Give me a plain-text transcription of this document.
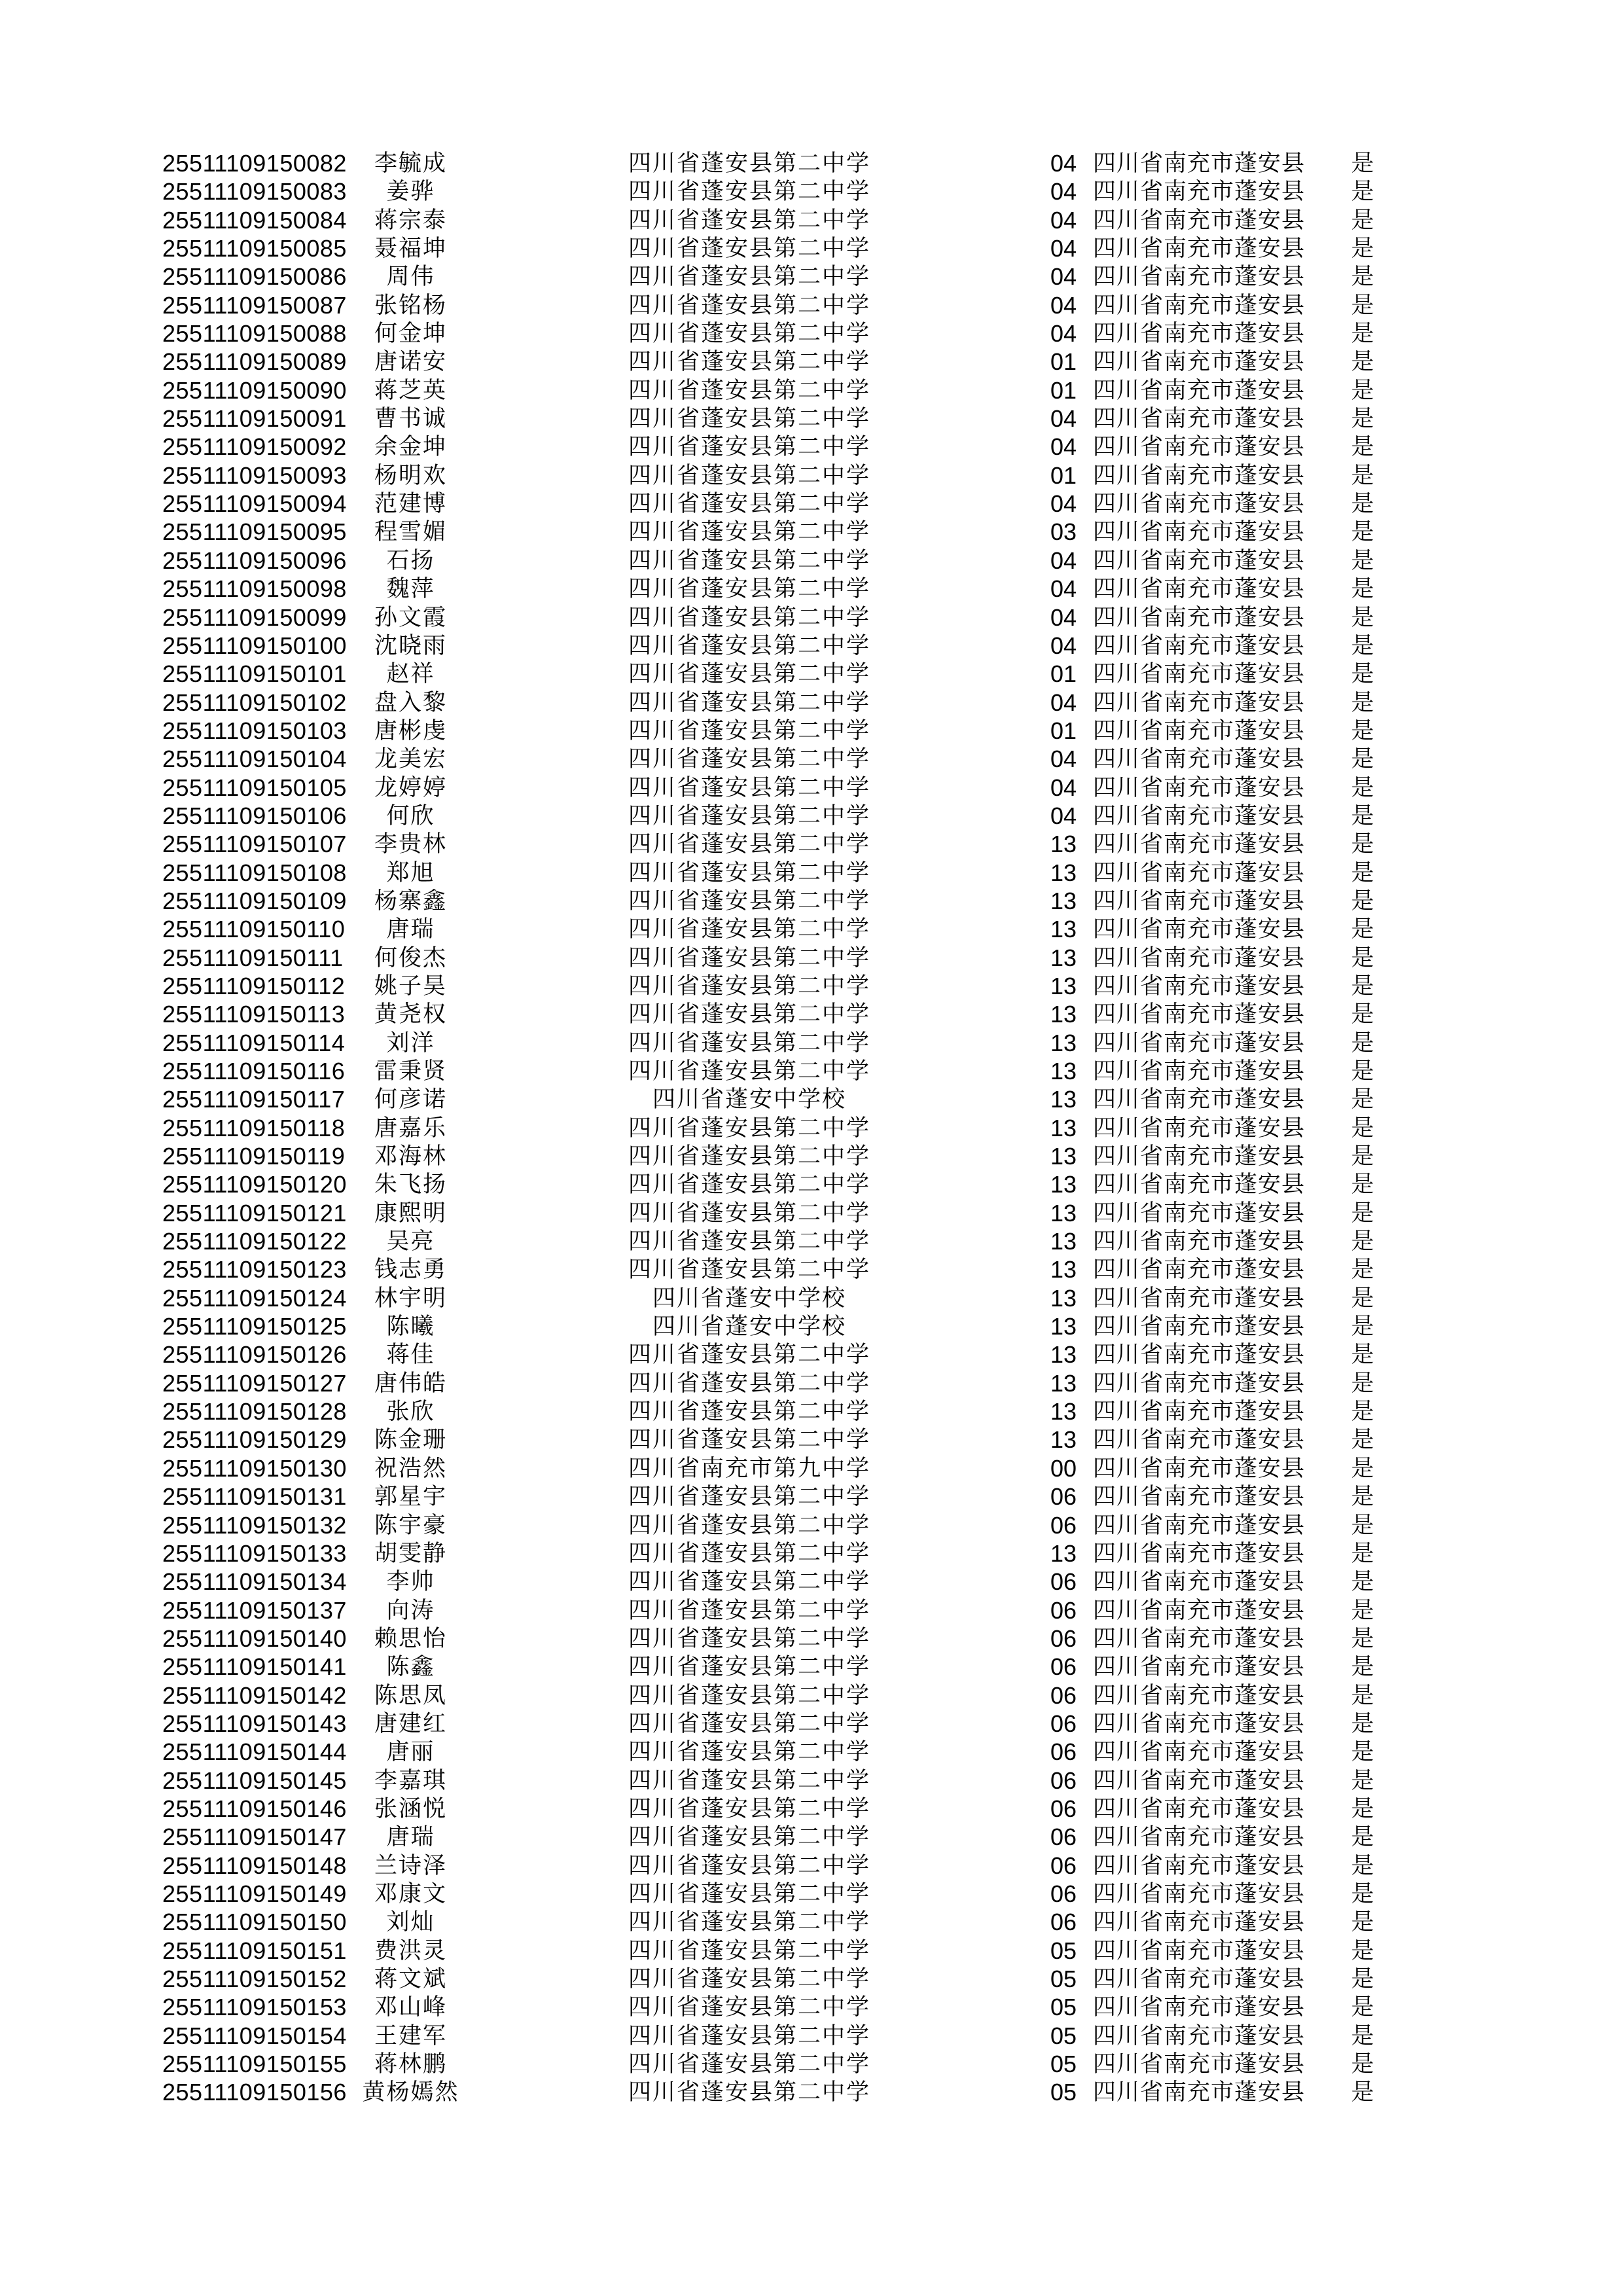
25511109150082	李毓成	四川省蓬安县第二中学	04 四川省南充市蓬安县	是
25511109150083	姜骅	四川省蓬安县第二中学	04 四川省南充市蓬安县	是
25511109150084	蒋宗泰	四川省蓬安县第二中学	04 四川省南充市蓬安县	是
25511109150085	聂福坤	四川省蓬安县第二中学	04 四川省南充市蓬安县	是
25511109150086	周伟	四川省蓬安县第二中学	04 四川省南充市蓬安县	是
25511109150087	张铭杨	四川省蓬安县第二中学	04 四川省南充市蓬安县	是
25511109150088	何金坤	四川省蓬安县第二中学	04 四川省南充市蓬安县	是
25511109150089	唐诺安	四川省蓬安县第二中学	01 四川省南充市蓬安县	是
25511109150090	蒋芝英	四川省蓬安县第二中学	01 四川省南充市蓬安县	是
25511109150091	曹书诚	四川省蓬安县第二中学	04 四川省南充市蓬安县	是
25511109150092	余金坤	四川省蓬安县第二中学	04 四川省南充市蓬安县	是
25511109150093	杨明欢	四川省蓬安县第二中学	01 四川省南充市蓬安县	是
25511109150094	范建博	四川省蓬安县第二中学	04 四川省南充市蓬安县	是
25511109150095	程雪媚	四川省蓬安县第二中学	03 四川省南充市蓬安县	是
25511109150096	石扬	四川省蓬安县第二中学	04 四川省南充市蓬安县	是
25511109150098	魏萍	四川省蓬安县第二中学	04 四川省南充市蓬安县	是
25511109150099	孙文霞	四川省蓬安县第二中学	04 四川省南充市蓬安县	是
25511109150100	沈晓雨	四川省蓬安县第二中学	04 四川省南充市蓬安县	是
25511109150101	赵祥	四川省蓬安县第二中学	01 四川省南充市蓬安县	是
25511109150102	盘入黎	四川省蓬安县第二中学	04 四川省南充市蓬安县	是
25511109150103	唐彬虔	四川省蓬安县第二中学	01 四川省南充市蓬安县	是
25511109150104	龙美宏	四川省蓬安县第二中学	04 四川省南充市蓬安县	是
25511109150105	龙婷婷	四川省蓬安县第二中学	04 四川省南充市蓬安县	是
25511109150106	何欣	四川省蓬安县第二中学	04 四川省南充市蓬安县	是
25511109150107	李贵林	四川省蓬安县第二中学	13 四川省南充市蓬安县	是
25511109150108	郑旭	四川省蓬安县第二中学	13 四川省南充市蓬安县	是
25511109150109	杨寨鑫	四川省蓬安县第二中学	13 四川省南充市蓬安县	是
25511109150110	唐瑞	四川省蓬安县第二中学	13 四川省南充市蓬安县	是
25511109150111	何俊杰	四川省蓬安县第二中学	13 四川省南充市蓬安县	是
25511109150112	姚子昊	四川省蓬安县第二中学	13 四川省南充市蓬安县	是
25511109150113	黄尧权	四川省蓬安县第二中学	13 四川省南充市蓬安县	是
25511109150114	刘洋	四川省蓬安县第二中学	13 四川省南充市蓬安县	是
25511109150116	雷秉贤	四川省蓬安县第二中学	13 四川省南充市蓬安县	是
25511109150117	何彦诺	四川省蓬安中学校	13 四川省南充市蓬安县	是
25511109150118	唐嘉乐	四川省蓬安县第二中学	13 四川省南充市蓬安县	是
25511109150119	邓海林	四川省蓬安县第二中学	13 四川省南充市蓬安县	是
25511109150120	朱飞扬	四川省蓬安县第二中学	13 四川省南充市蓬安县	是
25511109150121	康熙明	四川省蓬安县第二中学	13 四川省南充市蓬安县	是
25511109150122	吴亮	四川省蓬安县第二中学	13 四川省南充市蓬安县	是
25511109150123	钱志勇	四川省蓬安县第二中学	13 四川省南充市蓬安县	是
25511109150124	林宇明	四川省蓬安中学校	13 四川省南充市蓬安县	是
25511109150125	陈曦	四川省蓬安中学校	13 四川省南充市蓬安县	是
25511109150126	蒋佳	四川省蓬安县第二中学	13 四川省南充市蓬安县	是
25511109150127	唐伟皓	四川省蓬安县第二中学	13 四川省南充市蓬安县	是
25511109150128	张欣	四川省蓬安县第二中学	13 四川省南充市蓬安县	是
25511109150129	陈金珊	四川省蓬安县第二中学	13 四川省南充市蓬安县	是
25511109150130	祝浩然	四川省南充市第九中学	00 四川省南充市蓬安县	是
25511109150131	郭星宇	四川省蓬安县第二中学	06 四川省南充市蓬安县	是
25511109150132	陈宇豪	四川省蓬安县第二中学	06 四川省南充市蓬安县	是
25511109150133	胡雯静	四川省蓬安县第二中学	13 四川省南充市蓬安县	是
25511109150134	李帅	四川省蓬安县第二中学	06 四川省南充市蓬安县	是
25511109150137	向涛	四川省蓬安县第二中学	06 四川省南充市蓬安县	是
25511109150140	赖思怡	四川省蓬安县第二中学	06 四川省南充市蓬安县	是
25511109150141	陈鑫	四川省蓬安县第二中学	06 四川省南充市蓬安县	是
25511109150142	陈思凤	四川省蓬安县第二中学	06 四川省南充市蓬安县	是
25511109150143	唐建红	四川省蓬安县第二中学	06 四川省南充市蓬安县	是
25511109150144	唐丽	四川省蓬安县第二中学	06 四川省南充市蓬安县	是
25511109150145	李嘉琪	四川省蓬安县第二中学	06 四川省南充市蓬安县	是
25511109150146	张涵悦	四川省蓬安县第二中学	06 四川省南充市蓬安县	是
25511109150147	唐瑞	四川省蓬安县第二中学	06 四川省南充市蓬安县	是
25511109150148	兰诗泽	四川省蓬安县第二中学	06 四川省南充市蓬安县	是
25511109150149	邓康文	四川省蓬安县第二中学	06 四川省南充市蓬安县	是
25511109150150	刘灿	四川省蓬安县第二中学	06 四川省南充市蓬安县	是
25511109150151	费洪灵	四川省蓬安县第二中学	05 四川省南充市蓬安县	是
25511109150152	蒋文斌	四川省蓬安县第二中学	05 四川省南充市蓬安县	是
25511109150153	邓山峰	四川省蓬安县第二中学	05 四川省南充市蓬安县	是
25511109150154	王建军	四川省蓬安县第二中学	05 四川省南充市蓬安县	是
25511109150155	蒋林鹏	四川省蓬安县第二中学	05 四川省南充市蓬安县	是
25511109150156 黄杨嫣然	四川省蓬安县第二中学	05 四川省南充市蓬安县	是
